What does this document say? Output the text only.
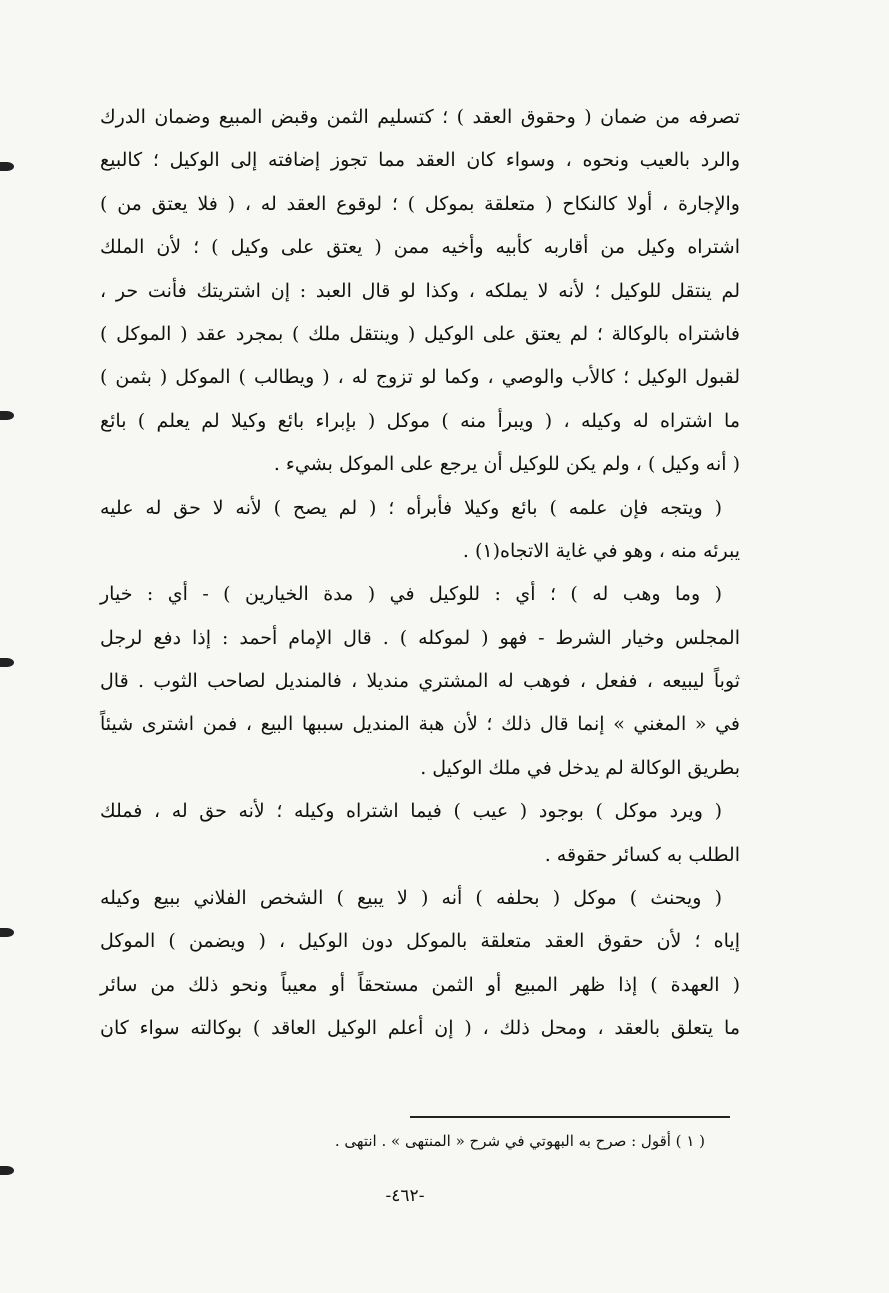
تصرفه من ضمان ( وحقوق العقد ) ؛ كتسليم الثمن وقبض المبيع وضمان الدرك
والرد بالعيب ونحوه ، وسواء كان العقد مما تجوز إضافته إلى الوكيل ؛ كالبيع
والإجارة ، أولا كالنكاح ( متعلقة بموكل ) ؛ لوقوع العقد له ، ( فلا يعتق من )
اشتراه وكيل من أقاربه كأبيه وأخيه ممن ( يعتق على وكيل ) ؛ لأن الملك
لم ينتقل للوكيل ؛ لأنه لا يملكه ، وكذا لو قال العبد : إن اشتريتك فأنت حر ،
فاشتراه بالوكالة ؛ لم يعتق على الوكيل ( وينتقل ملك ) بمجرد عقد ( الموكل )
لقبول الوكيل ؛ كالأب والوصي ، وكما لو تزوج له ، ( ويطالب ) الموكل ( بثمن )
ما اشتراه له وكيله ، ( ويبرأ منه ) موكل ( بإبراء بائع وكيلا لم يعلم ) بائع
( أنه وكيل ) ، ولم يكن للوكيل أن يرجع على الموكل بشيء .
( ويتجه فإن علمه ) بائع وكيلا فأبرأه ؛ ( لم يصح ) لأنه لا حق له عليه
يبرئه منه ، وهو في غاية الاتجاه(١) .
( وما وهب له ) ؛ أي : للوكيل في ( مدة الخيارين ) - أي : خيار
المجلس وخيار الشرط - فهو ( لموكله ) . قال الإمام أحمد : إذا دفع لرجل
ثوباً ليبيعه ، ففعل ، فوهب له المشتري منديلا ، فالمنديل لصاحب الثوب . قال
في « المغني » إنما قال ذلك ؛ لأن هبة المنديل سببها البيع ، فمن اشترى شيئاً
بطريق الوكالة لم يدخل في ملك الوكيل .
( ويرد موكل ) بوجود ( عيب ) فيما اشتراه وكيله ؛ لأنه حق له ، فملك
الطلب به كسائر حقوقه .
( ويحنث ) موكل ( بحلفه ) أنه ( لا يبيع ) الشخص الفلاني ببيع وكيله
إياه ؛ لأن حقوق العقد متعلقة بالموكل دون الوكيل ، ( ويضمن ) الموكل
( العهدة ) إذا ظهر المبيع أو الثمن مستحقاً أو معيباً ونحو ذلك من سائر
ما يتعلق بالعقد ، ومحل ذلك ، ( إن أعلم الوكيل العاقد ) بوكالته سواء كان
( ١ ) أقول : صرح به البهوتي في شرح « المنتهى » . انتهى .
-٤٦٢-
